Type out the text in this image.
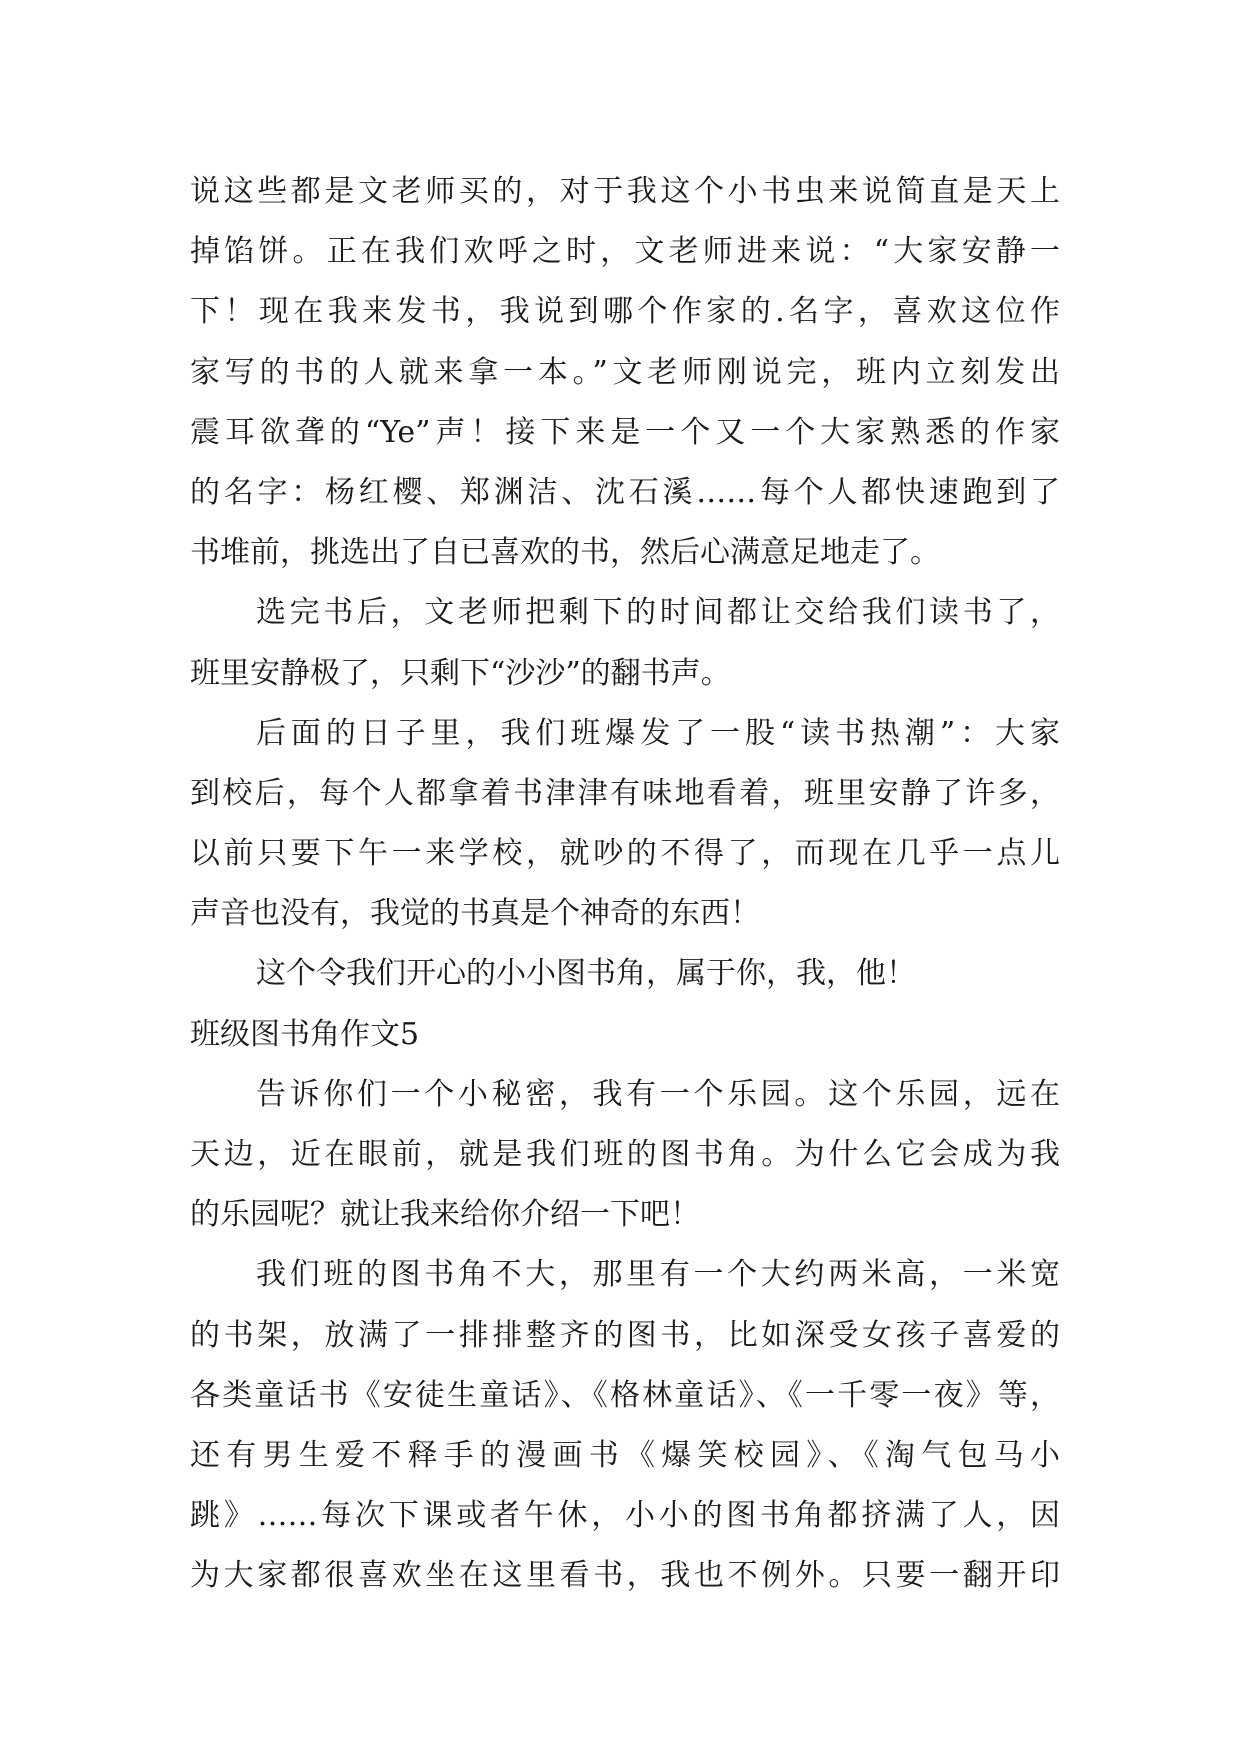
说这些都是文老师买的，对于我这个小书虫来说简直是天上
掉馅饼。正在我们欢呼之时，文老师进来说：“大家安静一
下！现在我来发书，我说到哪个作家的.名字，喜欢这位作
家写的书的人就来拿一本。”文老师刚说完，班内立刻发出
震耳欲聋的“Ye”声！接下来是一个又一个大家熟悉的作家
的名字：杨红樱、郑渊洁、沈石溪……每个人都快速跑到了
书堆前，挑选出了自已喜欢的书，然后心满意足地走了。
选完书后，文老师把剩下的时间都让交给我们读书了，
班里安静极了，只剩下“沙沙”的翻书声。
后面的日子里，我们班爆发了一股“读书热潮”：大家
到校后，每个人都拿着书津津有味地看着，班里安静了许多，
以前只要下午一来学校，就吵的不得了，而现在几乎一点儿
声音也没有，我觉的书真是个神奇的东西！
这个令我们开心的小小图书角，属于你，我，他！
班级图书角作文5
告诉你们一个小秘密，我有一个乐园。这个乐园，远在
天边，近在眼前，就是我们班的图书角。为什么它会成为我
的乐园呢？就让我来给你介绍一下吧！
我们班的图书角不大，那里有一个大约两米高，一米宽
的书架，放满了一排排整齐的图书，比如深受女孩子喜爱的
各类童话书《安徒生童话》、《格林童话》、《一千零一夜》等，
还有男生爱不释手的漫画书《爆笑校园》、《淘气包马小
跳》……每次下课或者午休，小小的图书角都挤满了人，因
为大家都很喜欢坐在这里看书，我也不例外。只要一翻开印
